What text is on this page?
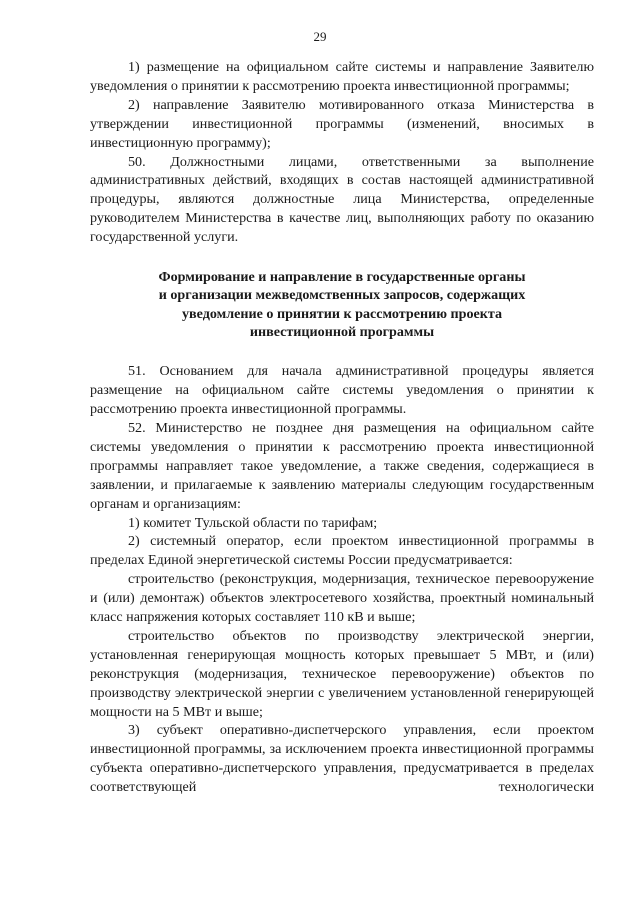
29

1) размещение на официальном сайте системы и направление Заявителю уведомления о принятии к рассмотрению проекта инвестиционной программы;

2) направление Заявителю мотивированного отказа Министерства в утверждении инвестиционной программы (изменений, вносимых в инвестиционную программу);

50. Должностными лицами, ответственными за выполнение административных действий, входящих в состав настоящей административной процедуры, являются должностные лица Министерства, определенные руководителем Министерства в качестве лиц, выполняющих работу по оказанию государственной услуги.

Формирование и направление в государственные органы
и организации межведомственных запросов, содержащих
уведомление о принятии к рассмотрению проекта
инвестиционной программы

51. Основанием для начала административной процедуры является размещение на официальном сайте системы уведомления о принятии к рассмотрению проекта инвестиционной программы.

52. Министерство не позднее дня размещения на официальном сайте системы уведомления о принятии к рассмотрению проекта инвестиционной программы направляет такое уведомление, а также сведения, содержащиеся в заявлении, и прилагаемые к заявлению материалы следующим государственным органам и организациям:

1) комитет Тульской области по тарифам;

2) системный оператор, если проектом инвестиционной программы в пределах Единой энергетической системы России предусматривается:

строительство (реконструкция, модернизация, техническое перевооружение и (или) демонтаж) объектов электросетевого хозяйства, проектный номинальный класс напряжения которых составляет 110 кВ и выше;

строительство объектов по производству электрической энергии, установленная генерирующая мощность которых превышает 5 МВт, и (или) реконструкция (модернизация, техническое перевооружение) объектов по производству электрической энергии с увеличением установленной генерирующей мощности на 5 МВт и выше;

3) субъект оперативно-диспетчерского управления, если проектом инвестиционной программы, за исключением проекта инвестиционной программы субъекта оперативно-диспетчерского управления, предусматривается в пределах соответствующей технологически
